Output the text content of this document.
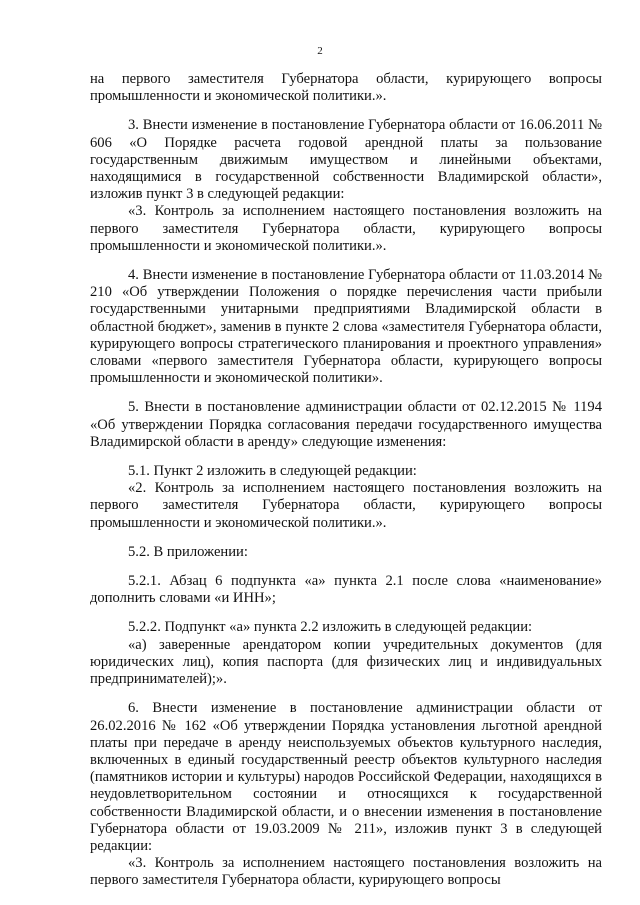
2

на первого заместителя Губернатора области, курирующего вопросы промышленности и экономической политики.».

3. Внести изменение в постановление Губернатора области от 16.06.2011 № 606 «О Порядке расчета годовой арендной платы за пользование государственным движимым имуществом и линейными объектами, находящимися в государственной собственности Владимирской области», изложив пункт 3 в следующей редакции:

«3. Контроль за исполнением настоящего постановления возложить на первого заместителя Губернатора области, курирующего вопросы промышленности и экономической политики.».

4. Внести изменение в постановление Губернатора области от 11.03.2014 № 210 «Об утверждении Положения о порядке перечисления части прибыли государственными унитарными предприятиями Владимирской области в областной бюджет», заменив в пункте 2 слова «заместителя Губернатора области, курирующего вопросы стратегического планирования и проектного управления» словами «первого заместителя Губернатора области, курирующего вопросы промышленности и экономической политики».

5. Внести в постановление администрации области от 02.12.2015 № 1194 «Об утверждении Порядка согласования передачи государственного имущества Владимирской области в аренду» следующие изменения:

5.1. Пункт 2 изложить в следующей редакции:

«2. Контроль за исполнением настоящего постановления возложить на первого заместителя Губернатора области, курирующего вопросы промышленности и экономической политики.».

5.2. В приложении:

5.2.1. Абзац 6 подпункта «а» пункта 2.1 после слова «наименование» дополнить словами «и ИНН»;

5.2.2. Подпункт «а» пункта 2.2 изложить в следующей редакции:

«а) заверенные арендатором копии учредительных документов (для юридических лиц), копия паспорта (для физических лиц и индивидуальных предпринимателей);».

6. Внести изменение в постановление администрации области от 26.02.2016 № 162 «Об утверждении Порядка установления льготной арендной платы при передаче в аренду неиспользуемых объектов культурного наследия, включенных в единый государственный реестр объектов культурного наследия (памятников истории и культуры) народов Российской Федерации, находящихся в неудовлетворительном состоянии и относящихся к государственной собственности Владимирской области, и о внесении изменения в постановление Губернатора области от 19.03.2009 № 211», изложив пункт 3 в следующей редакции:

«3. Контроль за исполнением настоящего постановления возложить на первого заместителя Губернатора области, курирующего вопросы
